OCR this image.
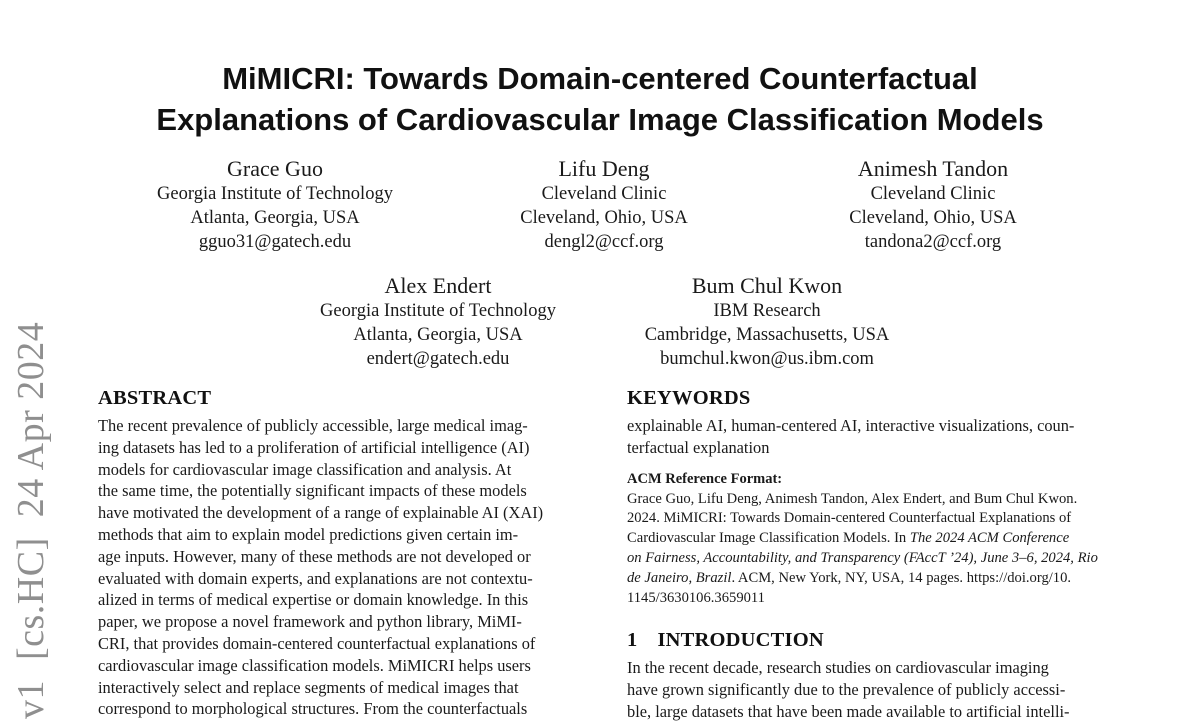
v1  [cs.HC]  24 Apr 2024
MiMICRI: Towards Domain-centered Counterfactual
Explanations of Cardiovascular Image Classification Models
Grace Guo
Georgia Institute of Technology
Atlanta, Georgia, USA
gguo31@gatech.edu
Lifu Deng
Cleveland Clinic
Cleveland, Ohio, USA
dengl2@ccf.org
Animesh Tandon
Cleveland Clinic
Cleveland, Ohio, USA
tandona2@ccf.org
Alex Endert
Georgia Institute of Technology
Atlanta, Georgia, USA
endert@gatech.edu
Bum Chul Kwon
IBM Research
Cambridge, Massachusetts, USA
bumchul.kwon@us.ibm.com
ABSTRACT
The recent prevalence of publicly accessible, large medical imag-
ing datasets has led to a proliferation of artificial intelligence (AI)
models for cardiovascular image classification and analysis. At
the same time, the potentially significant impacts of these models
have motivated the development of a range of explainable AI (XAI)
methods that aim to explain model predictions given certain im-
age inputs. However, many of these methods are not developed or
evaluated with domain experts, and explanations are not contextu-
alized in terms of medical expertise or domain knowledge. In this
paper, we propose a novel framework and python library, MiMI-
CRI, that provides domain-centered counterfactual explanations of
cardiovascular image classification models. MiMICRI helps users
interactively select and replace segments of medical images that
correspond to morphological structures. From the counterfactuals
KEYWORDS
explainable AI, human-centered AI, interactive visualizations, coun-
terfactual explanation
ACM Reference Format:
Grace Guo, Lifu Deng, Animesh Tandon, Alex Endert, and Bum Chul Kwon.
2024. MiMICRI: Towards Domain-centered Counterfactual Explanations of
Cardiovascular Image Classification Models. In The 2024 ACM Conference
on Fairness, Accountability, and Transparency (FAccT ’24), June 3–6, 2024, Rio
de Janeiro, Brazil. ACM, New York, NY, USA, 14 pages. https://doi.org/10.
1145/3630106.3659011
1 INTRODUCTION
In the recent decade, research studies on cardiovascular imaging
have grown significantly due to the prevalence of publicly accessi-
ble, large datasets that have been made available to artificial intelli-
